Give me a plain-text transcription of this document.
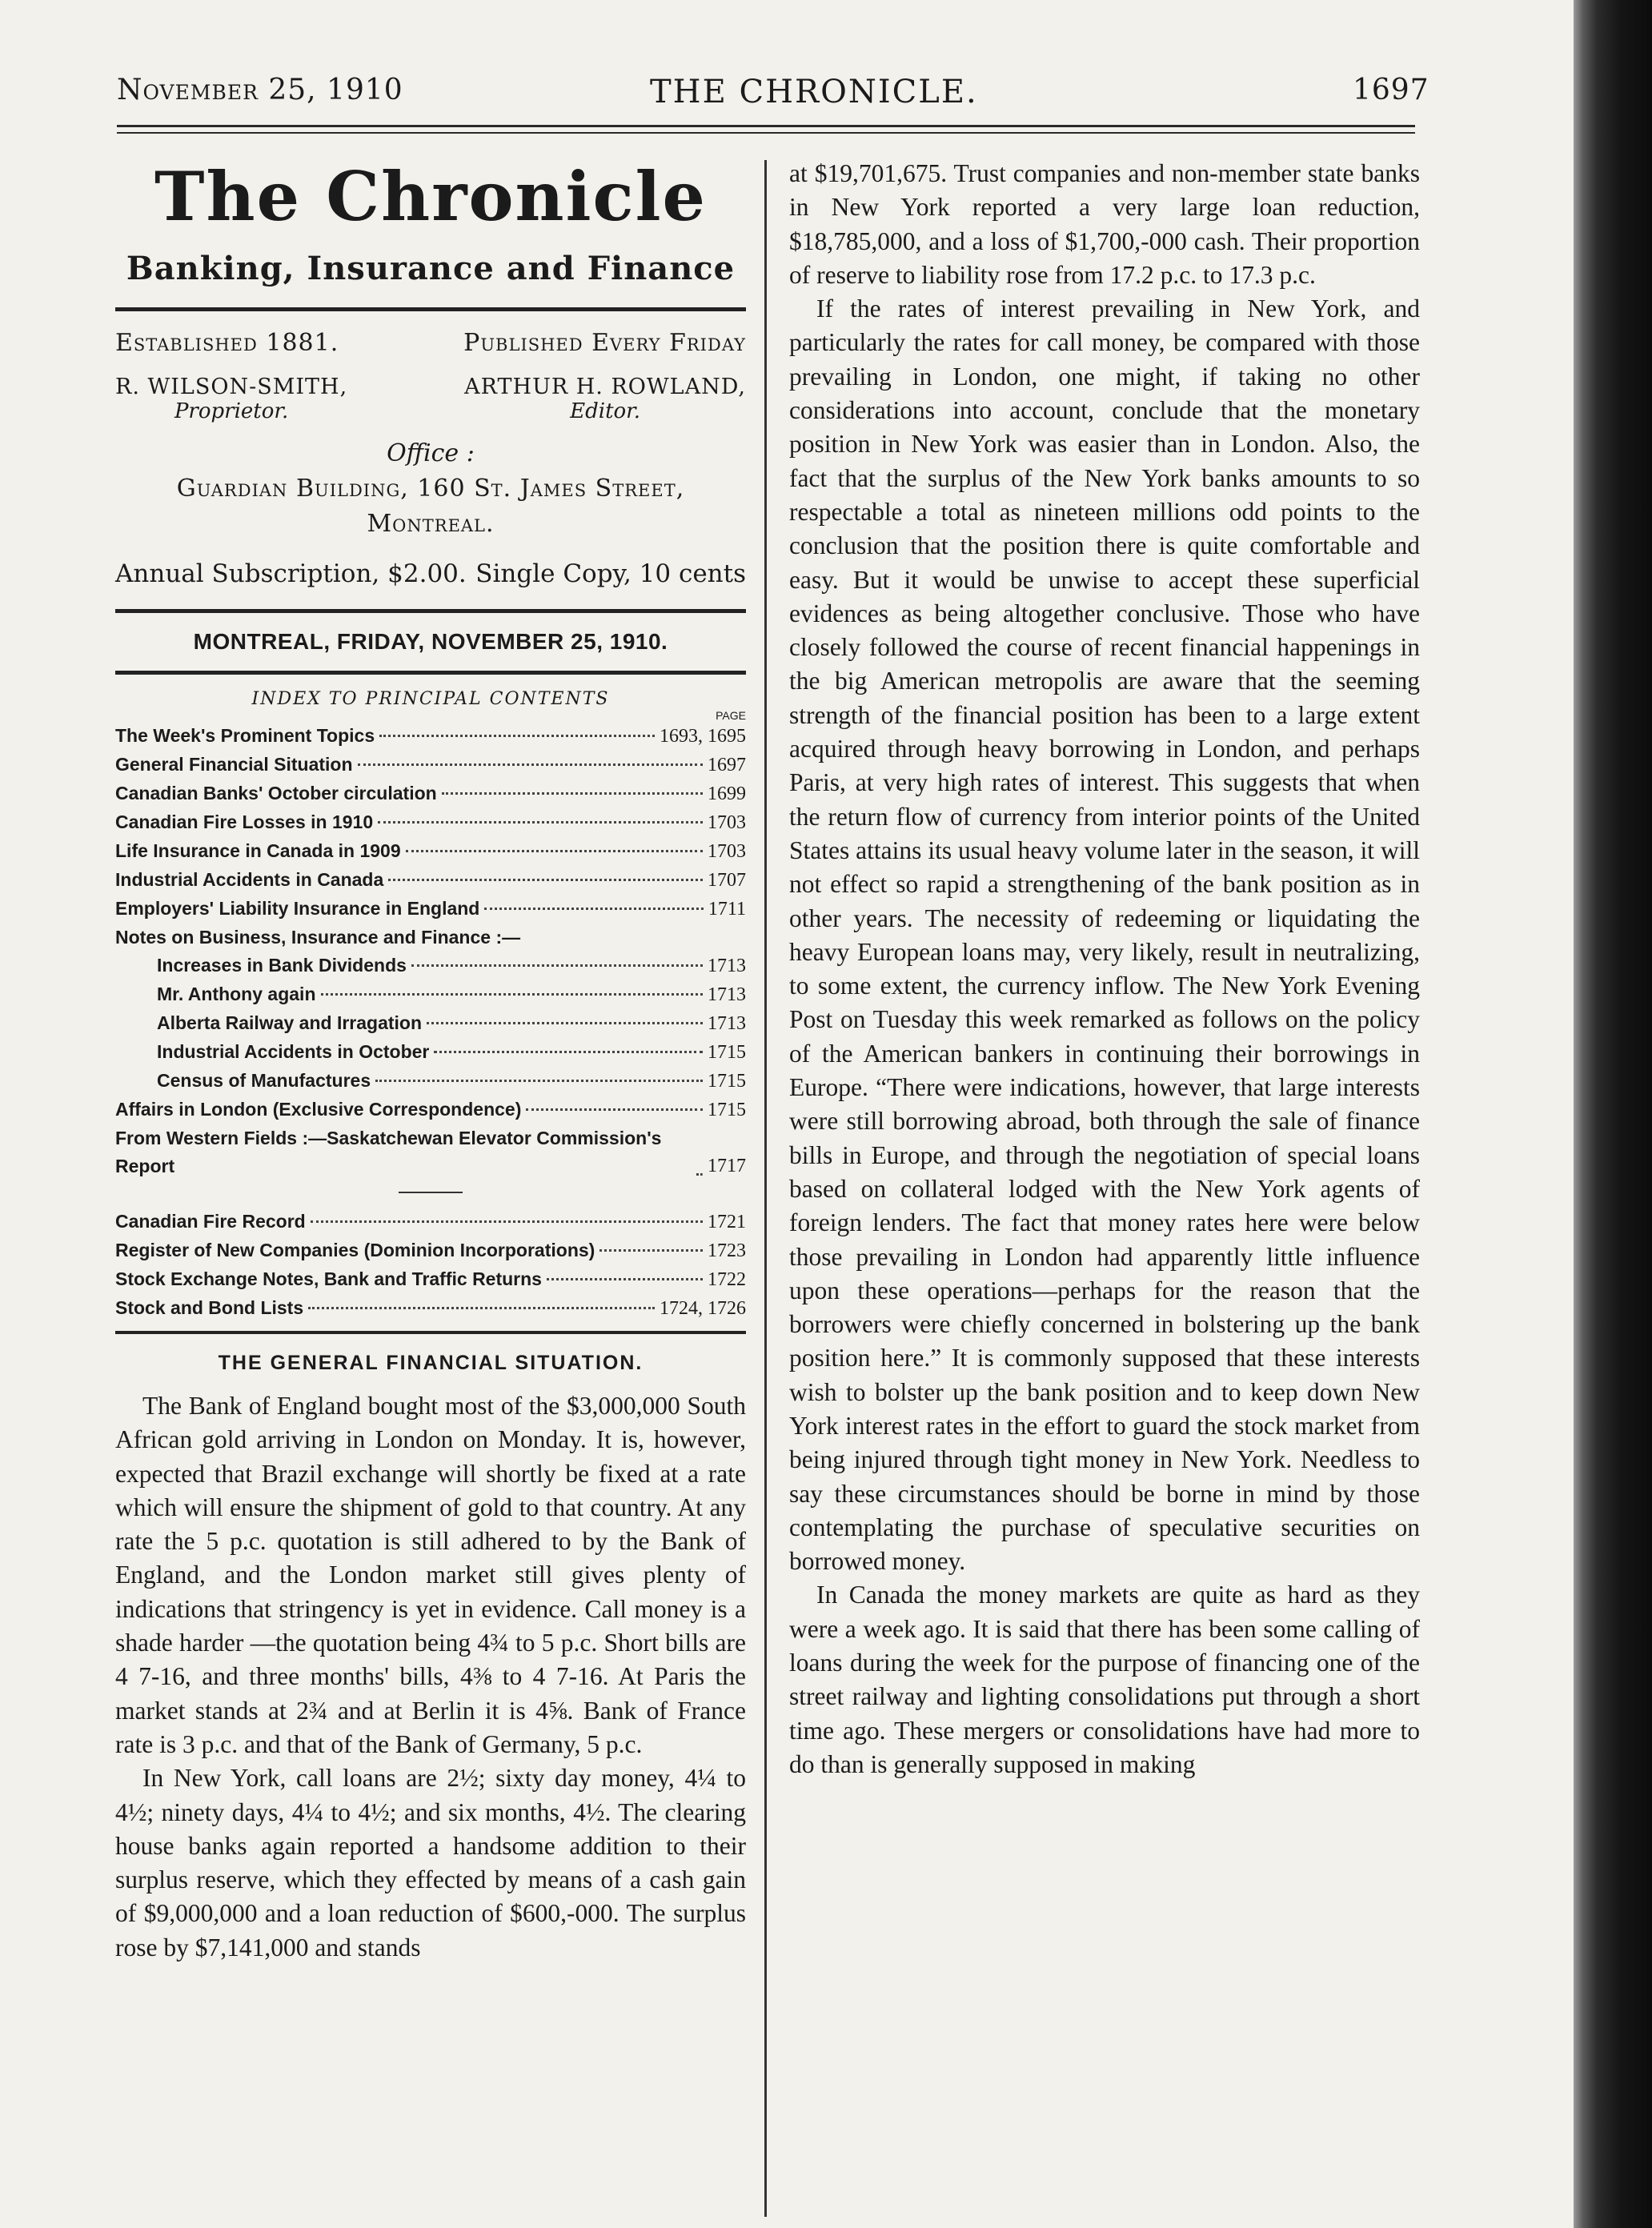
November 25, 1910	THE CHRONICLE.	1697
The Chronicle
Banking, Insurance and Finance
Established 1881.	Published Every Friday
R. WILSON-SMITH,
Proprietor.
ARTHUR H. ROWLAND,
Editor.
Office :
Guardian Building, 160 St. James Street,
Montreal.
Annual Subscription, $2.00. Single Copy, 10 cents
MONTREAL, FRIDAY, NOVEMBER 25, 1910.
INDEX TO PRINCIPAL CONTENTS
PAGE
The Week's Prominent Topics	1693, 1695
General Financial Situation	1697
Canadian Banks' October circulation	1699
Canadian Fire Losses in 1910	1703
Life Insurance in Canada in 1909	1703
Industrial Accidents in Canada	1707
Employers' Liability Insurance in England	1711
Notes on Business, Insurance and Finance :—
Increases in Bank Dividends	1713
Mr. Anthony again	1713
Alberta Railway and Irragation	1713
Industrial Accidents in October	1715
Census of Manufactures	1715
Affairs in London (Exclusive Correspondence)	1715
From Western Fields :—Saskatchewan Elevator Commission's Report	1717
Canadian Fire Record	1721
Register of New Companies (Dominion Incorporations)	1723
Stock Exchange Notes, Bank and Traffic Returns	1722
Stock and Bond Lists	1724, 1726
THE GENERAL FINANCIAL SITUATION.

The Bank of England bought most of the $3,000,000 South African gold arriving in London on Monday. It is, however, expected that Brazil exchange will shortly be fixed at a rate which will ensure the shipment of gold to that country. At any rate the 5 p.c. quotation is still adhered to by the Bank of England, and the London market still gives plenty of indications that stringency is yet in evidence. Call money is a shade harder —the quotation being 4¾ to 5 p.c. Short bills are 4 7-16, and three months' bills, 4⅜ to 4 7-16. At Paris the market stands at 2¾ and at Berlin it is 4⅝. Bank of France rate is 3 p.c. and that of the Bank of Germany, 5 p.c.

In New York, call loans are 2½; sixty day money, 4¼ to 4½; ninety days, 4¼ to 4½; and six months, 4½. The clearing house banks again reported a handsome addition to their surplus reserve, which they effected by means of a cash gain of $9,000,000 and a loan reduction of $600,-000. The surplus rose by $7,141,000 and stands

at $19,701,675. Trust companies and non-member state banks in New York reported a very large loan reduction, $18,785,000, and a loss of $1,700,-000 cash. Their proportion of reserve to liability rose from 17.2 p.c. to 17.3 p.c.

If the rates of interest prevailing in New York, and particularly the rates for call money, be compared with those prevailing in London, one might, if taking no other considerations into account, conclude that the monetary position in New York was easier than in London. Also, the fact that the surplus of the New York banks amounts to so respectable a total as nineteen millions odd points to the conclusion that the position there is quite comfortable and easy. But it would be unwise to accept these superficial evidences as being altogether conclusive. Those who have closely followed the course of recent financial happenings in the big American metropolis are aware that the seeming strength of the financial position has been to a large extent acquired through heavy borrowing in London, and perhaps Paris, at very high rates of interest. This suggests that when the return flow of currency from interior points of the United States attains its usual heavy volume later in the season, it will not effect so rapid a strengthening of the bank position as in other years. The necessity of redeeming or liquidating the heavy European loans may, very likely, result in neutralizing, to some extent, the currency inflow. The New York Evening Post on Tuesday this week remarked as follows on the policy of the American bankers in continuing their borrowings in Europe. “There were indications, however, that large interests were still borrowing abroad, both through the sale of finance bills in Europe, and through the negotiation of special loans based on collateral lodged with the New York agents of foreign lenders. The fact that money rates here were below those prevailing in London had apparently little influence upon these operations—perhaps for the reason that the borrowers were chiefly concerned in bolstering up the bank position here.” It is commonly supposed that these interests wish to bolster up the bank position and to keep down New York interest rates in the effort to guard the stock market from being injured through tight money in New York. Needless to say these circumstances should be borne in mind by those contemplating the purchase of speculative securities on borrowed money.

In Canada the money markets are quite as hard as they were a week ago. It is said that there has been some calling of loans during the week for the purpose of financing one of the street railway and lighting consolidations put through a short time ago. These mergers or consolidations have had more to do than is generally supposed in making
